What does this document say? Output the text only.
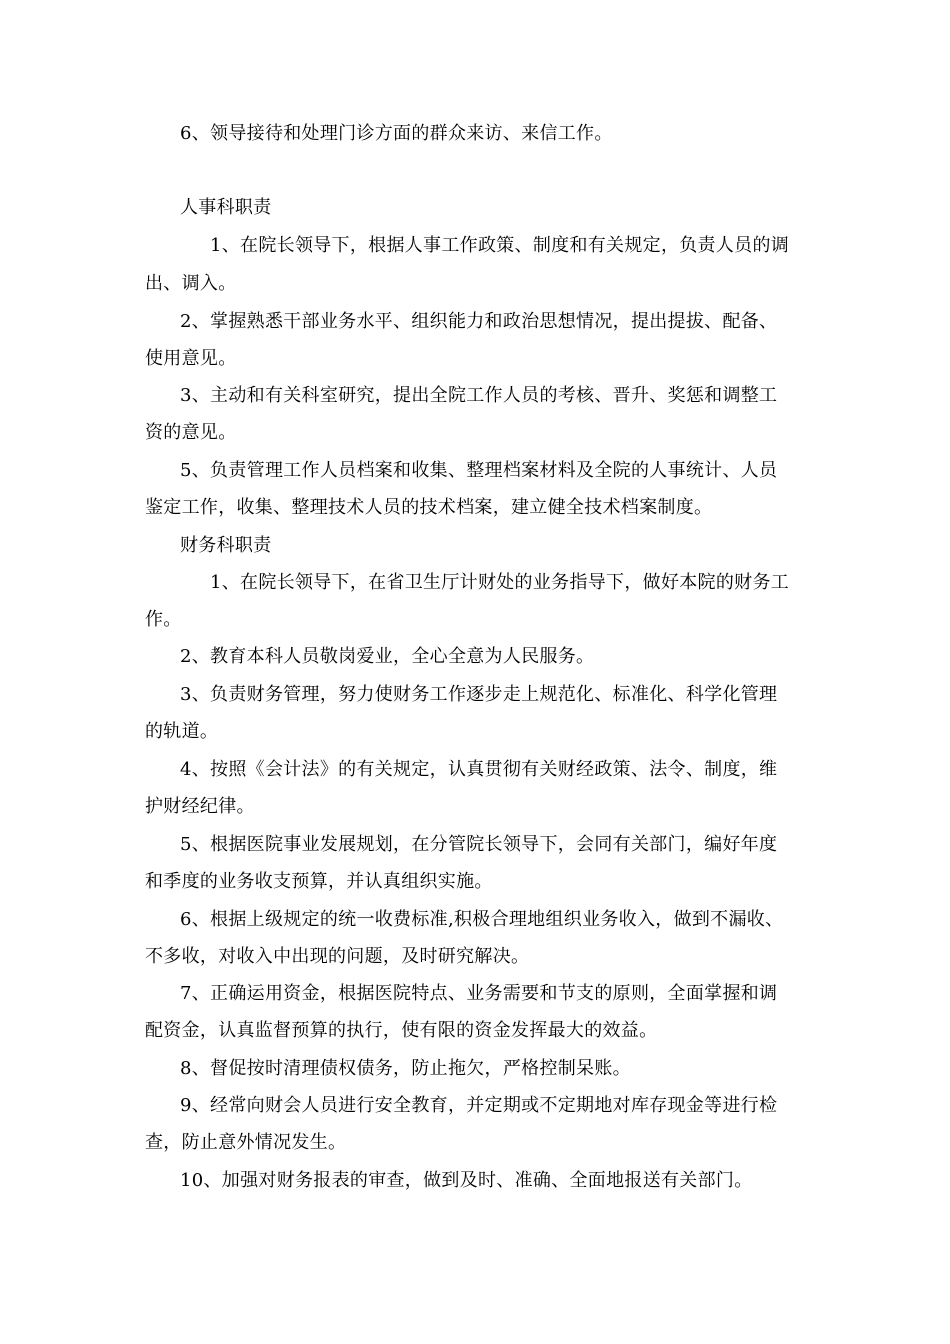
6、领导接待和处理门诊方面的群众来访、来信工作。
人事科职责
1、在院长领导下，根据人事工作政策、制度和有关规定，负责人员的调
出、调入。
2、掌握熟悉干部业务水平、组织能力和政治思想情况，提出提拔、配备、
使用意见。
3、主动和有关科室研究，提出全院工作人员的考核、晋升、奖惩和调整工
资的意见。
5、负责管理工作人员档案和收集、整理档案材料及全院的人事统计、人员
鉴定工作，收集、整理技术人员的技术档案，建立健全技术档案制度。
财务科职责
1、在院长领导下，在省卫生厅计财处的业务指导下，做好本院的财务工
作。
2、教育本科人员敬岗爱业，全心全意为人民服务。
3、负责财务管理，努力使财务工作逐步走上规范化、标准化、科学化管理
的轨道。
4、按照《会计法》的有关规定，认真贯彻有关财经政策、法令、制度，维
护财经纪律。
5、根据医院事业发展规划，在分管院长领导下，会同有关部门，编好年度
和季度的业务收支预算，并认真组织实施。
6、根据上级规定的统一收费标准,积极合理地组织业务收入，做到不漏收、
不多收，对收入中出现的问题，及时研究解决。
7、正确运用资金，根据医院特点、业务需要和节支的原则，全面掌握和调
配资金，认真监督预算的执行，使有限的资金发挥最大的效益。
8、督促按时清理债权债务，防止拖欠，严格控制呆账。
9、经常向财会人员进行安全教育，并定期或不定期地对库存现金等进行检
查，防止意外情况发生。
10、加强对财务报表的审查，做到及时、准确、全面地报送有关部门。
